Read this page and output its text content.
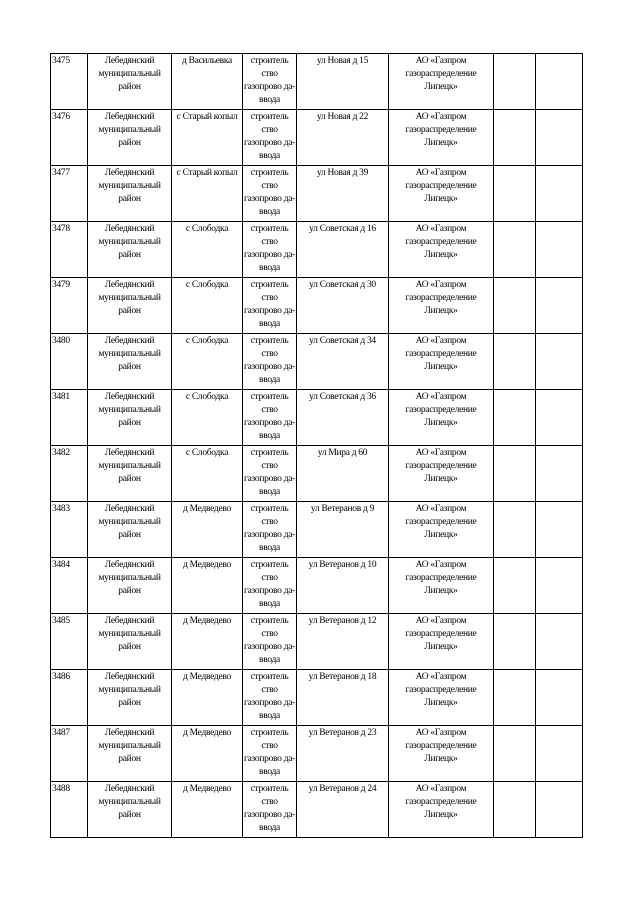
3475	Лебедянский муниципальный район	д Васильевка	строитель ство газопрово да-ввода	ул Новая д 15	АО «Газпром газораспределение Липецк»		
3476	Лебедянский муниципальный район	с Старый копыл	строитель ство газопрово да-ввода	ул Новая д 22	АО «Газпром газораспределение Липецк»		
3477	Лебедянский муниципальный район	с Старый копыл	строитель ство газопрово да-ввода	ул Новая д 39	АО «Газпром газораспределение Липецк»		
3478	Лебедянский муниципальный район	с Слободка	строитель ство газопрово да-ввода	ул Советская д 16	АО «Газпром газораспределение Липецк»		
3479	Лебедянский муниципальный район	с Слободка	строитель ство газопрово да-ввода	ул Советская д 30	АО «Газпром газораспределение Липецк»		
3480	Лебедянский муниципальный район	с Слободка	строитель ство газопрово да-ввода	ул Советская д 34	АО «Газпром газораспределение Липецк»		
3481	Лебедянский муниципальный район	с Слободка	строитель ство газопрово да-ввода	ул Советская д 36	АО «Газпром газораспределение Липецк»		
3482	Лебедянский муниципальный район	с Слободка	строитель ство газопрово да-ввода	ул Мира д 60	АО «Газпром газораспределение Липецк»		
3483	Лебедянский муниципальный район	д Медведево	строитель ство газопрово да-ввода	ул Ветеранов д 9	АО «Газпром газораспределение Липецк»		
3484	Лебедянский муниципальный район	д Медведево	строитель ство газопрово да-ввода	ул Ветеранов д 10	АО «Газпром газораспределение Липецк»		
3485	Лебедянский муниципальный район	д Медведево	строитель ство газопрово да-ввода	ул Ветеранов д 12	АО «Газпром газораспределение Липецк»		
3486	Лебедянский муниципальный район	д Медведево	строитель ство газопрово да-ввода	ул Ветеранов д 18	АО «Газпром газораспределение Липецк»		
3487	Лебедянский муниципальный район	д Медведево	строитель ство газопрово да-ввода	ул Ветеранов д 23	АО «Газпром газораспределение Липецк»		
3488	Лебедянский муниципальный район	д Медведево	строитель ство газопрово да-ввода	ул Ветеранов д 24	АО «Газпром газораспределение Липецк»		
